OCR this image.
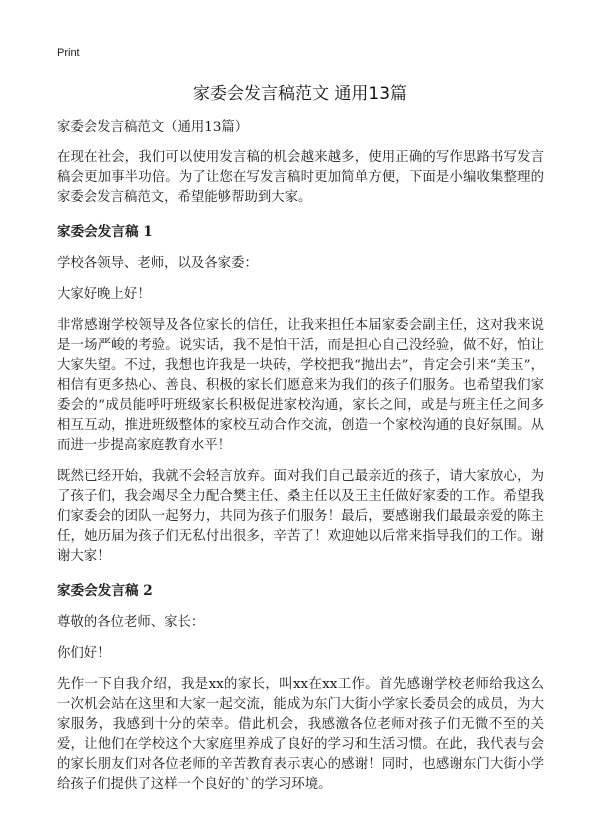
Print
家委会发言稿范文 通用13篇

家委会发言稿范文（通用13篇）

在现在社会，我们可以使用发言稿的机会越来越多，使用正确的写作思路书写发言稿会更加事半功倍。为了让您在写发言稿时更加简单方便，下面是小编收集整理的家委会发言稿范文，希望能够帮助到大家。

家委会发言稿 1

学校各领导、老师，以及各家委：

大家好晚上好！

非常感谢学校领导及各位家长的信任，让我来担任本届家委会副主任，这对我来说是一场严峻的考验。说实话，我不是怕干活，而是担心自己没经验，做不好，怕让大家失望。不过，我想也许我是一块砖，学校把我“抛出去”，肯定会引来“美玉”，相信有更多热心、善良、积极的家长们愿意来为我们的孩子们服务。也希望我们家委会的“成员能呼吁班级家长积极促进家校沟通，家长之间，或是与班主任之间多相互互动，推进班级整体的家校互动合作交流，创造一个家校沟通的良好氛围。从而进一步提高家庭教育水平！

既然已经开始，我就不会轻言放弃。面对我们自己最亲近的孩子，请大家放心，为了孩子们，我会竭尽全力配合樊主任、桑主任以及王主任做好家委的工作。希望我们家委会的团队一起努力，共同为孩子们服务！最后，要感谢我们最最亲爱的陈主任，她历届为孩子们无私付出很多，辛苦了！欢迎她以后常来指导我们的工作。谢谢大家！

家委会发言稿 2

尊敬的各位老师、家长：

你们好！

先作一下自我介绍，我是xx的家长，叫xx在xx工作。首先感谢学校老师给我这么一次机会站在这里和大家一起交流，能成为东门大街小学家长委员会的成员，为大家服务，我感到十分的荣幸。借此机会，我感激各位老师对孩子们无微不至的关爱，让他们在学校这个大家庭里养成了良好的学习和生活习惯。在此，我代表与会的家长朋友们对各位老师的辛苦教育表示衷心的感谢！同时，也感谢东门大街小学给孩子们提供了这样一个良好的`的学习环境。
